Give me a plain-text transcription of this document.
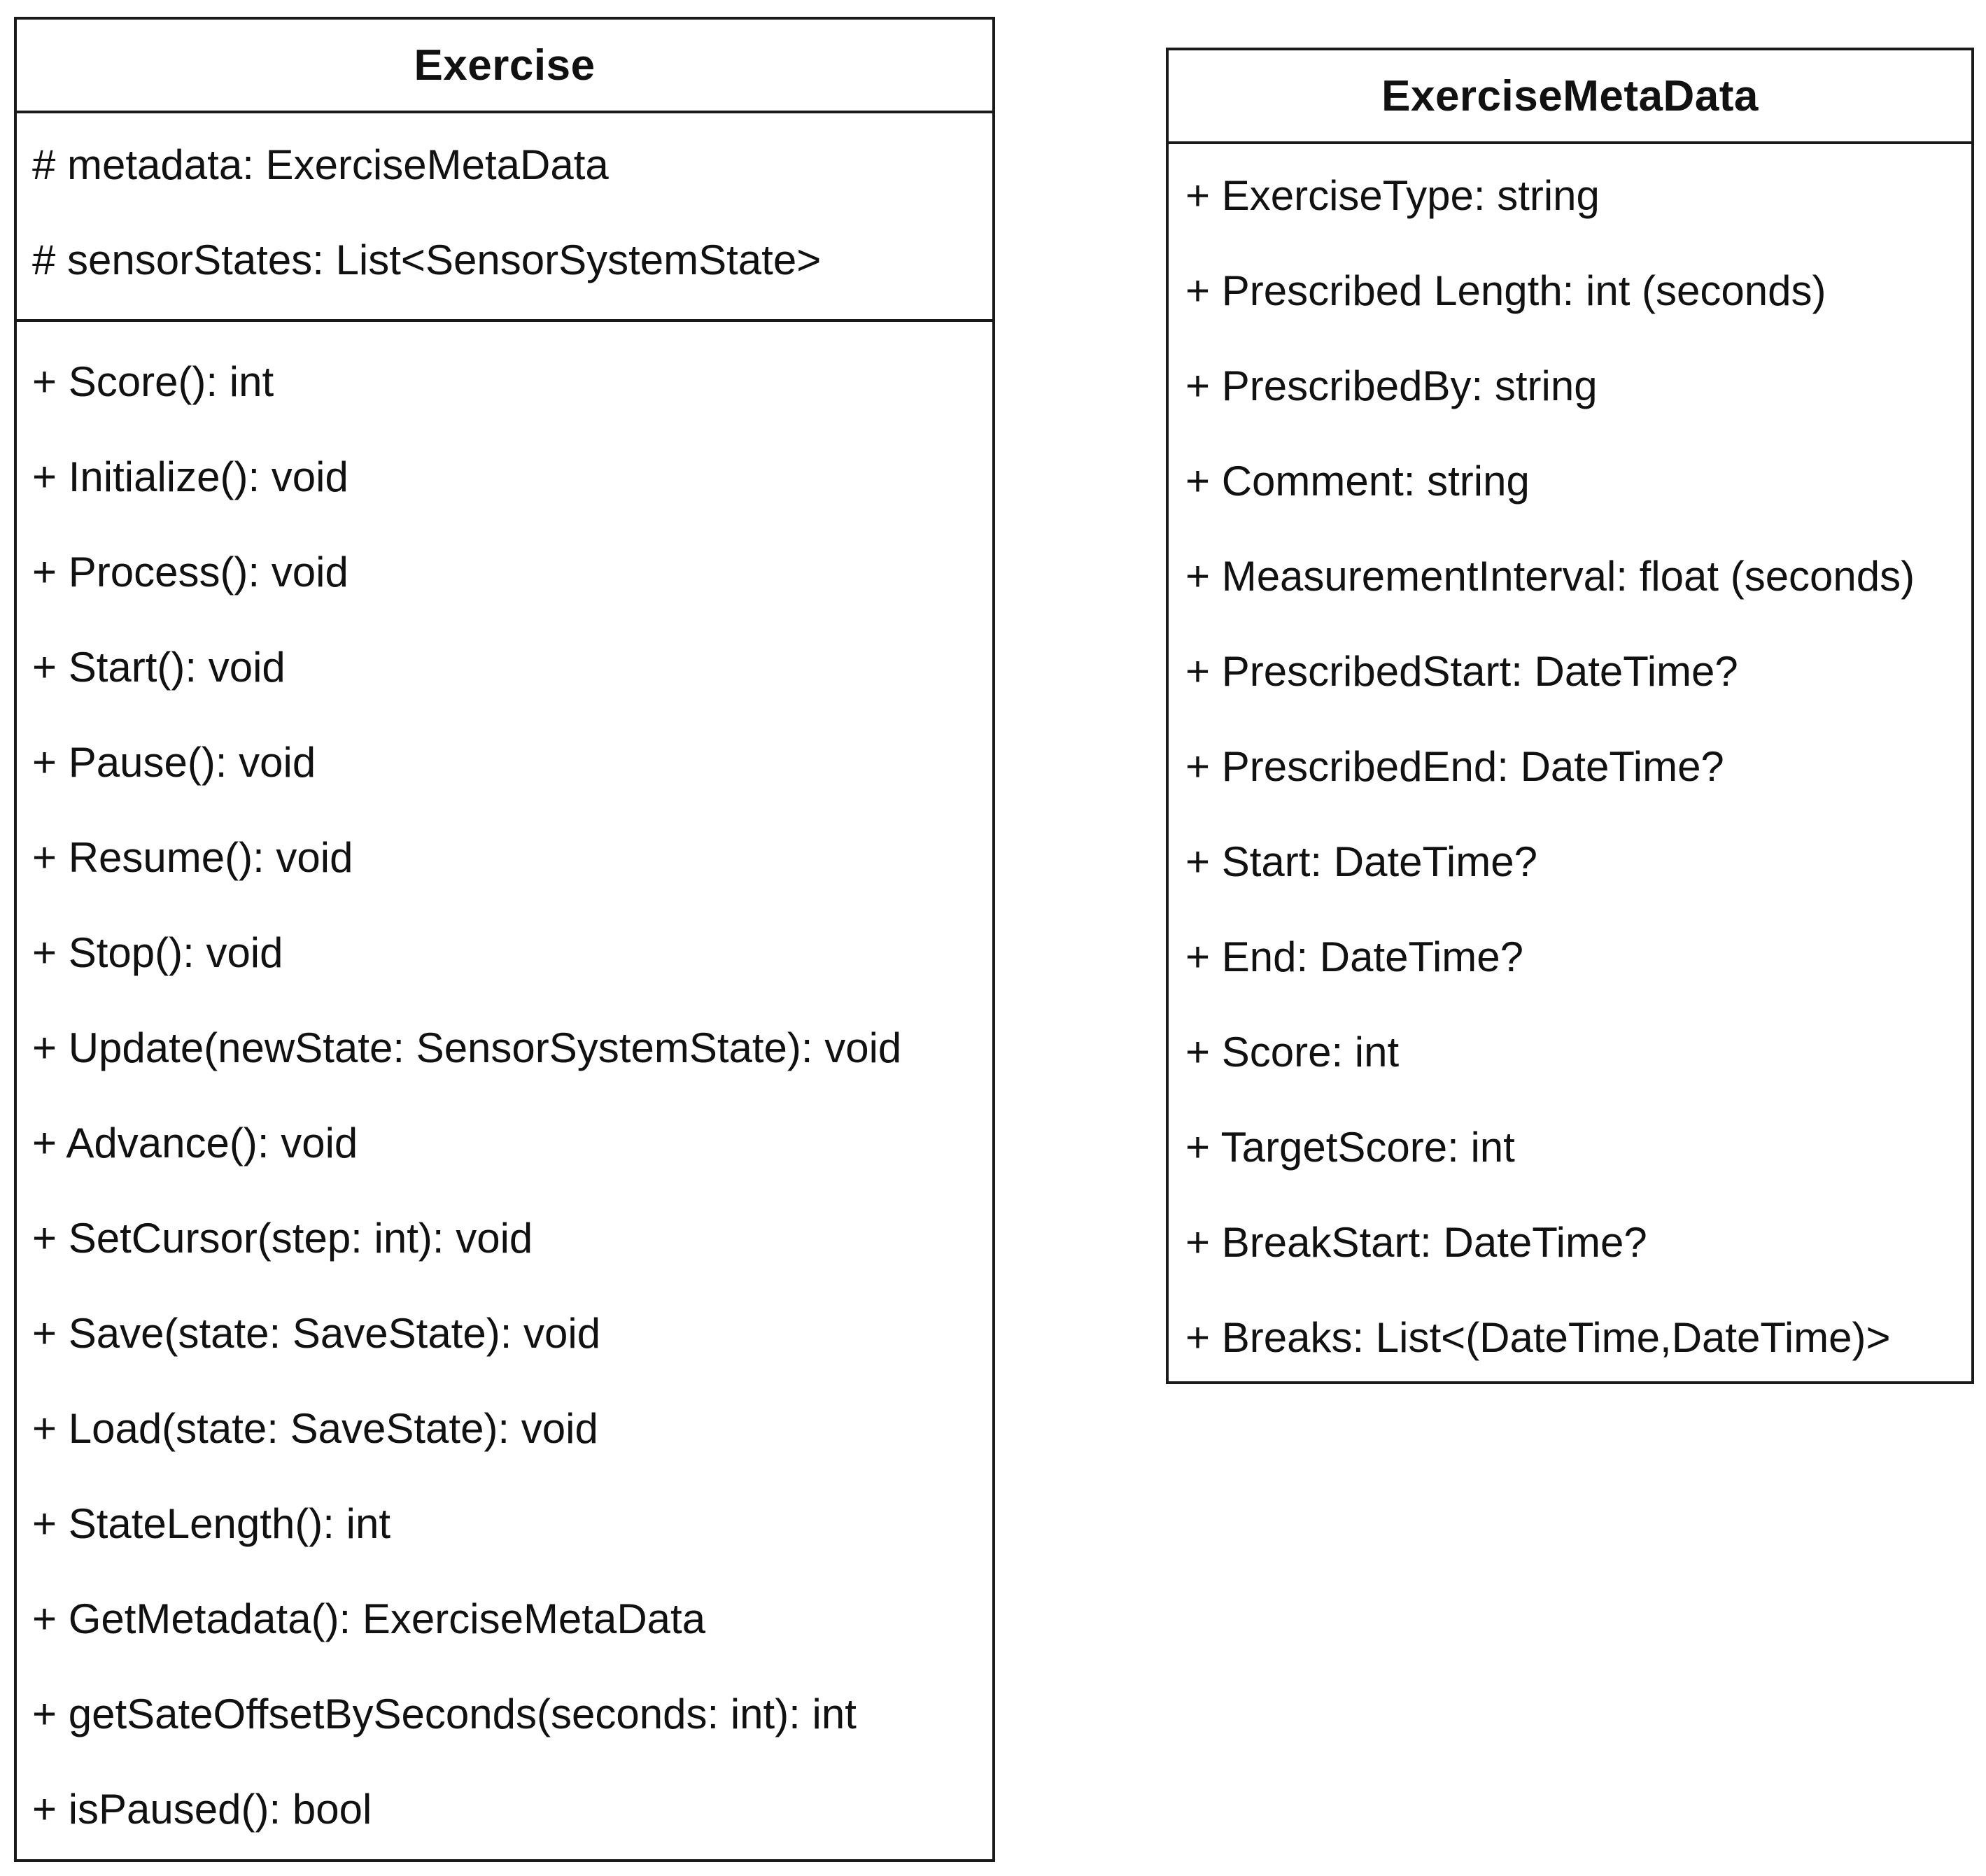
Exercise
# metadata: ExerciseMetaData
# sensorStates: List<SensorSystemState>
+ Score(): int
+ Initialize(): void
+ Process(): void
+ Start(): void
+ Pause(): void
+ Resume(): void
+ Stop(): void
+ Update(newState: SensorSystemState): void
+ Advance(): void
+ SetCursor(step: int): void
+ Save(state: SaveState): void
+ Load(state: SaveState): void
+ StateLength(): int
+ GetMetadata(): ExerciseMetaData
+ getSateOffsetBySeconds(seconds: int): int
+ isPaused(): bool
ExerciseMetaData
+ ExerciseType: string
+ Prescribed Length: int (seconds)
+ PrescribedBy: string
+ Comment: string
+ MeasurementInterval: float (seconds)
+ PrescribedStart: DateTime?
+ PrescribedEnd: DateTime?
+ Start: DateTime?
+ End: DateTime?
+ Score: int
+ TargetScore: int
+ BreakStart: DateTime?
+ Breaks: List<(DateTime,DateTime)>
